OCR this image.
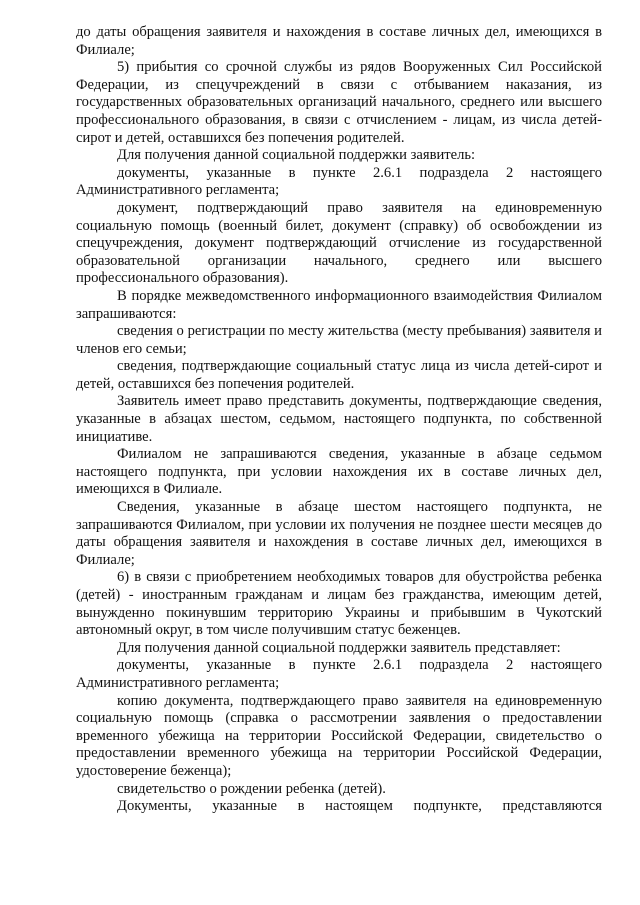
до даты обращения заявителя и нахождения в составе личных дел, имеющихся в Филиале;

5) прибытия со срочной службы из рядов Вооруженных Сил Российской Федерации, из спецучреждений в связи с отбыванием наказания, из государственных образовательных организаций начального, среднего или высшего профессионального образования, в связи с отчислением - лицам, из числа детей-сирот и детей, оставшихся без попечения родителей.

Для получения данной социальной поддержки заявитель:

документы, указанные в пункте 2.6.1 подраздела 2 настоящего Административного регламента;

документ, подтверждающий право заявителя на единовременную социальную помощь (военный билет, документ (справку) об освобождении из спецучреждения, документ подтверждающий отчисление из государственной образовательной организации начального, среднего или высшего профессионального образования).

В порядке межведомственного информационного взаимодействия Филиалом запрашиваются:

сведения о регистрации по месту жительства (месту пребывания) заявителя и членов его семьи;

сведения, подтверждающие социальный статус лица из числа детей-сирот и детей, оставшихся без попечения родителей.

Заявитель имеет право представить документы, подтверждающие сведения, указанные в абзацах шестом, седьмом, настоящего подпункта, по собственной инициативе.

Филиалом не запрашиваются сведения, указанные в абзаце седьмом настоящего подпункта, при условии нахождения их в составе личных дел, имеющихся в Филиале.

Сведения, указанные в абзаце шестом настоящего подпункта, не запрашиваются Филиалом, при условии их получения не позднее шести месяцев до даты обращения заявителя и нахождения в составе личных дел, имеющихся в Филиале;

6) в связи с приобретением необходимых товаров для обустройства ребенка (детей) - иностранным гражданам и лицам без гражданства, имеющим детей, вынужденно покинувшим территорию Украины и прибывшим в Чукотский автономный округ, в том числе получившим статус беженцев.

Для получения данной социальной поддержки заявитель представляет:

документы, указанные в пункте 2.6.1 подраздела 2 настоящего Административного регламента;

копию документа, подтверждающего право заявителя на единовременную социальную помощь (справка о рассмотрении заявления о предоставлении временного убежища на территории Российской Федерации, свидетельство о предоставлении временного убежища на территории Российской Федерации, удостоверение беженца);

свидетельство о рождении ребенка (детей).

Документы, указанные в настоящем подпункте, представляются
